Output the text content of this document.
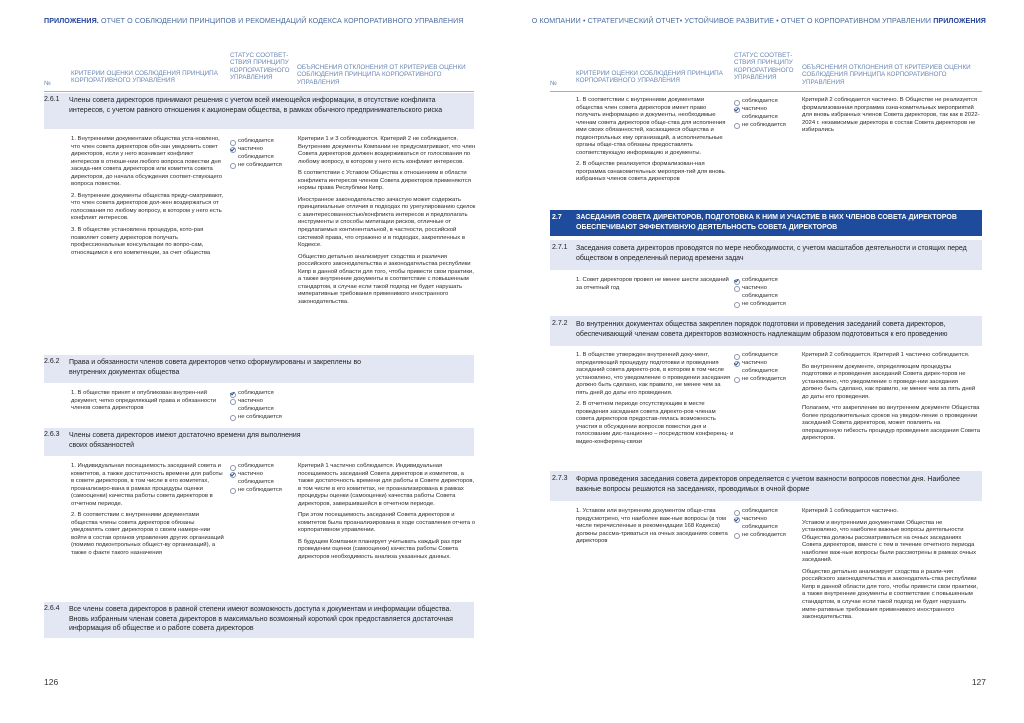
ПРИЛОЖЕНИЯ. ОТЧЕТ О СОБЛЮДЕНИИ ПРИНЦИПОВ И РЕКОМЕНДАЦИЙ КОДЕКСА КОРПОРАТИВНОГО УПРАВЛЕНИЯ
№
КРИТЕРИИ ОЦЕНКИ СОБЛЮДЕНИЯ ПРИНЦИПА КОРПОРАТИВНОГО УПРАВЛЕНИЯ
СТАТУС СООТВЕТ-СТВИЯ ПРИНЦИПУ КОРПОРАТИВНОГО УПРАВЛЕНИЯ
ОБЪЯСНЕНИЯ ОТКЛОНЕНИЯ ОТ КРИТЕРИЕВ ОЦЕНКИ СОБЛЮДЕНИЯ ПРИНЦИПА КОРПОРАТИВНОГО УПРАВЛЕНИЯ
2.6.1 Члены совета директоров принимают решения с учетом всей имеющейся информации, в отсутствие конфликта интересов, с учетом равного отношения к акционерам общества, в рамках обычного предпринимательского риска

1. Внутренними документами общества уста-новлено, что член совета директоров обя-зан уведомить совет директоров, если у него возникает конфликт интересов в отноше-нии любого вопроса повестки дня заседа-ния совета директоров или комитета совета директоров, до начала обсуждения соответ-ствующего вопроса повестки.

2. Внутренние документы общества преду-сматривают, что член совета директоров дол-жен воздержаться от голосования по любому вопросу, в котором у него есть конфликт интересов.

3. В обществе установлена процедура, кото-рая позволяет совету директоров получать профессиональные консультации по вопро-сам, относящимся к его компетенции, за счет общества

соблюдается
частично соблюдается
не соблюдается

Критерии 1 и 3 соблюдаются. Критерий 2 не соблюдается. Внутренние документы Компании не предусматривают, что член Совета директоров должен воздерживаться от голосования по любому вопросу, в котором у него есть конфликт интересов.

В соответствии с Уставом Общества к отношениям в области конфликта интересов членов Совета директоров применяются нормы права Республики Кипр.

Иностранное законодательство зачастую может содержать принципиальные отличия в подходах по урегулированию сделок с заинтересованностью/конфликта интересов и предполагать инструменты и способы митигации рисков, отличные от предлагаемых континентальной, в частности, российской системой права, что отражено и в подходах, закрепленных в Кодексе.

Общество детально анализирует сходства и различия российского законодательства и законодательства республики Кипр в данной области для того, чтобы привести свои практики, а также внутренние документы в соответствие с повышенным стандартом, в случае если такой подход не будет нарушать императивные требования применимого иностранного законодательства.

2.6.2 Права и обязанности членов совета директоров четко сформулированы и закреплены во внутренних документах общества

1. В обществе принят и опубликован внутрен-ний документ, четко определяющий права и обязанности членов совета директоров

соблюдается
частично соблюдается
не соблюдается
2.6.3 Члены совета директоров имеют достаточно времени для выполнения своих обязанностей

1. Индивидуальная посещаемость заседаний совета и комитетов, а также достаточность времени для работы в совете директоров, в том числе в его комитетах, проанализиро-вана в рамках процедуры оценки (самооценки) качества работы совета директоров в отчетном периоде.

2. В соответствии с внутренними документами общества члены совета директоров обязаны уведомлять совет директоров о своем намере-нии войти в состав органов управления других организаций (помимо подконтрольных общест-ву организаций), а также о факте такого назначения

соблюдается
частично соблюдается
не соблюдается

Критерий 1 частично соблюдается. Индивидуальная посещаемость заседаний Совета директоров и комитетов, а также достаточность времени для работы в Совете директоров, в том числе в его комитетах, не проанализирована в рамках процедуры оценки (самооценки) качества работы Совета директоров, завершившейся в отчетном периоде.

При этом посещаемость заседаний Совета директоров и комитетов была проанализирована в ходе составления отчета о корпоративном управлении.

В будущем Компания планирует учитывать каждый раз при проведении оценки (самооценки) качества работы Совета директоров необходимость анализа указанных данных.

2.6.4 Все члены совета директоров в равной степени имеют возможность доступа к документам и информации общества. Вновь избранным членам совета директоров в максимально возможный короткий срок предоставляется достаточная информация об обществе и о работе совета директоров
126
О КОМПАНИИ • СТРАТЕГИЧЕСКИЙ ОТЧЕТ• УСТОЙЧИВОЕ РАЗВИТИЕ • ОТЧЕТ О КОРПОРАТИВНОМ УПРАВЛЕНИИ ПРИЛОЖЕНИЯ
№
КРИТЕРИИ ОЦЕНКИ СОБЛЮДЕНИЯ ПРИНЦИПА КОРПОРАТИВНОГО УПРАВЛЕНИЯ
СТАТУС СООТВЕТ-СТВИЯ ПРИНЦИПУ КОРПОРАТИВНОГО УПРАВЛЕНИЯ
ОБЪЯСНЕНИЯ ОТКЛОНЕНИЯ ОТ КРИТЕРИЕВ ОЦЕНКИ СОБЛЮДЕНИЯ ПРИНЦИПА КОРПОРАТИВНОГО УПРАВЛЕНИЯ

1. В соответствии с внутренними документами общества член совета директоров имеет право получать информацию и документы, необходимые членам совета директоров обще-ства для исполнения ими своих обязанностей, касающиеся общества и подконтрольных ему организаций, а исполнительные органы обще-ства обязаны предоставлять соответствующую информацию и документы.

2. В обществе реализуется формализован-ная программа ознакомительных мероприя-тий для вновь избранных членов совета директоров

соблюдается
частично соблюдается
не соблюдается

Критерий 2 соблюдается частично. В Обществе не реализуется формализованная программа озна-комительных мероприятий для вновь избранных членов Совета директоров, так как в 2022-2024 г. независимые директора в состав Совета директоров не избирались

2.7 ЗАСЕДАНИЯ СОВЕТА ДИРЕКТОРОВ, ПОДГОТОВКА К НИМ И УЧАСТИЕ В НИХ ЧЛЕНОВ СОВЕТА ДИРЕКТОРОВ ОБЕСПЕЧИВАЮТ ЭФФЕКТИВНУЮ ДЕЯТЕЛЬНОСТЬ СОВЕТА ДИРЕКТОРОВ
2.7.1 Заседания совета директоров проводятся по мере необходимости, с учетом масштабов деятельности и стоящих перед обществом в определенный период времени задач

1. Совет директоров провел не менее шести заседаний за отчетный год

соблюдается
частично соблюдается
не соблюдается
2.7.2 Во внутренних документах общества закреплен порядок подготовки и проведения заседаний совета директоров, обеспечивающий членам совета директоров возможность надлежащим образом подготовиться к его проведению

1. В обществе утвержден внутренний доку-мент, определяющий процедуру подготовки и проведения заседаний совета директо-ров, в котором в том числе установлено, что уведомление о проведении заседания должно быть сделано, как правило, не менее чем за пять дней до даты его проведения.

2. В отчетном периоде отсутствующим в месте проведения заседания совета директо-ров членам совета директоров предостав-лялась возможность участия в обсуждении вопросов повестки дня и голосовании дис-танционно – посредством конференц- и видео-конференц-связи

соблюдается
частично соблюдается
не соблюдается

Критерий 2 соблюдается. Критерий 1 частично соблюдается.

Во внутреннем документе, определяющем процедуры подготовки и проведения заседаний Совета дирек-торов не установлено, что уведомление о проведе-нии заседания должно быть сделано, как правило, не менее чем за пять дней до даты его проведения.

Полагаем, что закрепление во внутреннем документе Общества более продолжительных сроков на уведом-ление о проведении заседаний Совета директоров, может повлиять на операционную гибкость процедур проведения заседания Совета директоров.

2.7.3 Форма проведения заседания совета директоров определяется с учетом важности вопросов повестки дня. Наиболее важные вопросы решаются на заседаниях, проводимых в очной форме

1. Уставом или внутренним документом обще-ства предусмотрено, что наиболее важ-ные вопросы (в том числе перечисленные в рекомендации 168 Кодекса) должны рассма-триваться на очных заседаниях совета директоров

соблюдается
частично соблюдается
не соблюдается

Критерий 1 соблюдается частично.

Уставом и внутренними документами Общества не установлено, что наиболее важные вопросы деятельности Общества должны рассматриваться на очных заседаниях Совета директоров, вместе с тем в течение отчетного периода наиболее важ-ные вопросы были рассмотрены в рамках очных заседаний.

Общество детально анализирует сходства и разли-чия российского законодательства и законодатель-ства республики Кипр в данной области для того, чтобы привести свои практики, а также внутренние документы в соответствие с повышенным стандартом, в случае если такой подход не будет нарушать импе-ративные требования применимого иностранного законодательства.

127
